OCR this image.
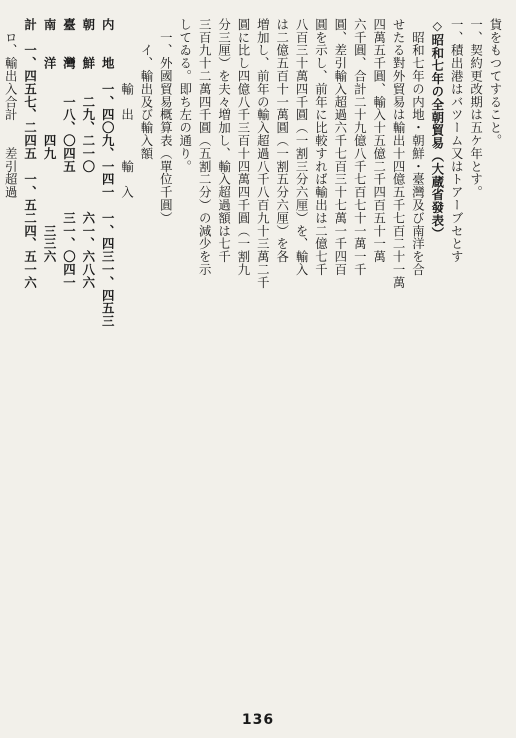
貨をもつてすること。
一、契約更改期は五ケ年とす。
一、積出港はバツーム又はトアーブセとす
◇昭和七年の全朝貿易（大蔵省發表）
　昭和七年の内地・朝鮮・臺灣及び南洋を合
せたる對外貿易は輸出十四億五千七百二十一萬
四萬五千圓、輸入十五億二千四百五十一萬
六千圓、合計二十九億八千七百七十一萬一千
圓、差引輸入超過六千七百三十七萬一千四百
圓を示し、前年に比較すれば輸出は二億七千
八百三十萬四千圓（一割三分六厘）を、輸入
は二億五百十一萬圓（一割五分六厘）を各
増加し、前年の輸入超過八千八百九十三萬二千
圓に比し四億八千三百十四萬四千圓（一割九
分三厘）を夫々増加し、輸入超過額は七千
三百九十二萬四千圓（五割二分）の減少を示
してゐる。即ち左の通り。
　一、外國貿易概算表（單位千圓）
　　イ、輸出及び輸入額
　　　　　輸　出　　　輸　入
内　　地　一、四〇九、一四一　一、四三一、四五三
朝　　鮮　　二九、二一〇　　　六一、六八六
臺　　灣　　一八、〇四五　　　三一、〇四一
南　　洋　　　　　四九　　　　　三三六
計　一、四五七、二四五　一、五二四、五一六
　ロ、輸出入合計　　差引超過
136
